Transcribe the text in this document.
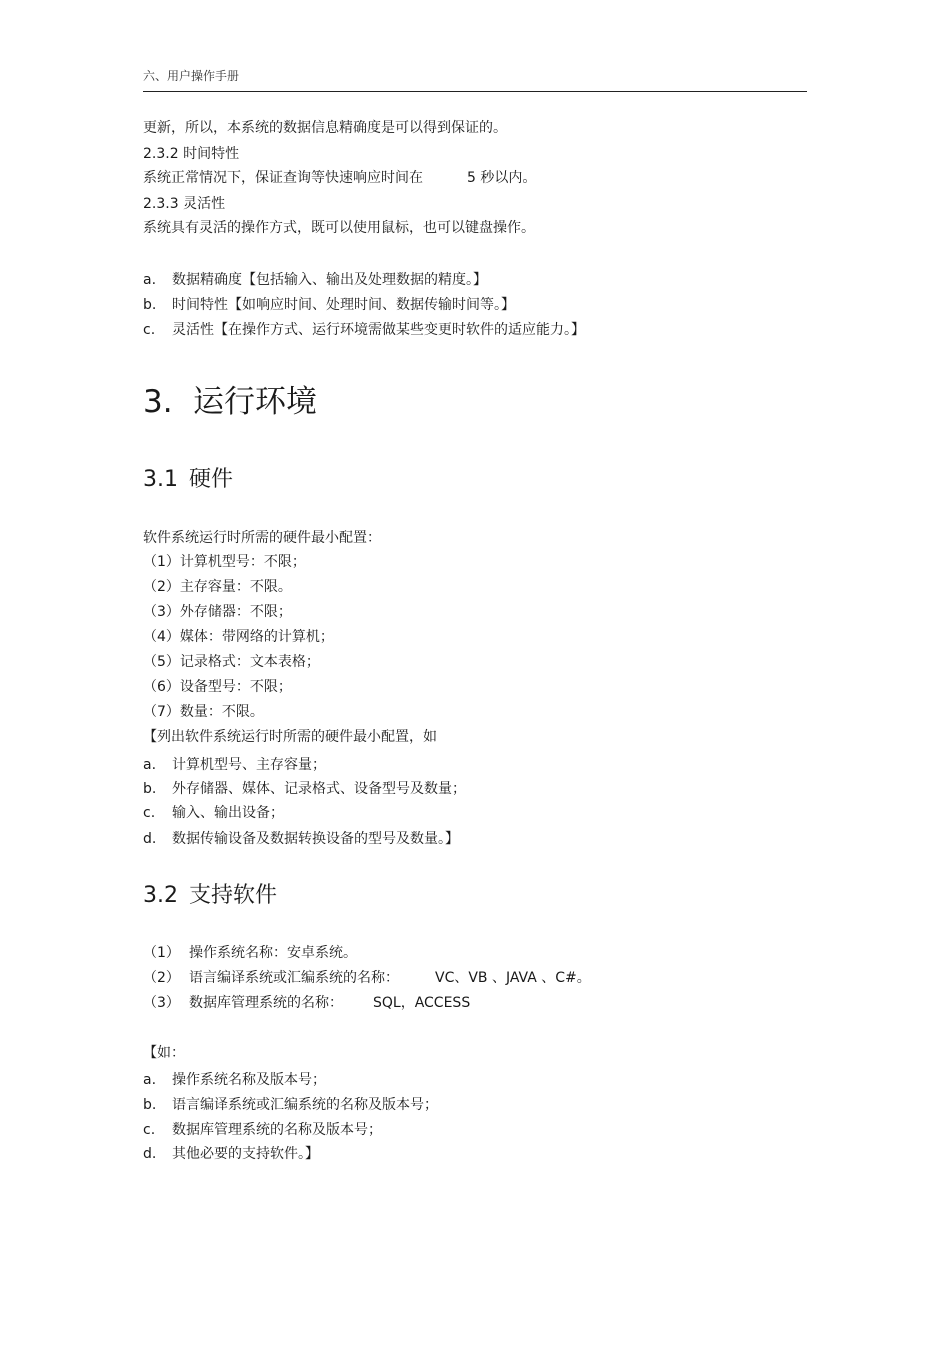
六、用户操作手册
更新，所以，本系统的数据信息精确度是可以得到保证的。
2.3.2 时间特性
系统正常情况下，保证查询等快速响应时间在	5 秒以内。
2.3.3 灵活性
系统具有灵活的操作方式，既可以使用鼠标，也可以键盘操作。
a. 数据精确度【包括输入、输出及处理数据的精度。】
b. 时间特性【如响应时间、处理时间、数据传输时间等。】
c. 灵活性【在操作方式、运行环境需做某些变更时软件的适应能力。】
3. 运行环境
3.1 硬件
软件系统运行时所需的硬件最小配置：
（1）计算机型号：不限；
（2）主存容量：不限。
（3）外存储器：不限；
（4）媒体：带网络的计算机；
（5）记录格式：文本表格；
（6）设备型号：不限；
（7）数量：不限。
【列出软件系统运行时所需的硬件最小配置，如
a. 计算机型号、主存容量；
b. 外存储器、媒体、记录格式、设备型号及数量；
c. 输入、输出设备；
d. 数据传输设备及数据转换设备的型号及数量。】
3.2 支持软件
（1） 操作系统名称：安卓系统。
（2） 语言编译系统或汇编系统的名称：	VC、VB 、JAVA 、C#。
（3） 数据库管理系统的名称： SQL，ACCESS
【如：
a. 操作系统名称及版本号；
b. 语言编译系统或汇编系统的名称及版本号；
c. 数据库管理系统的名称及版本号；
d. 其他必要的支持软件。】
